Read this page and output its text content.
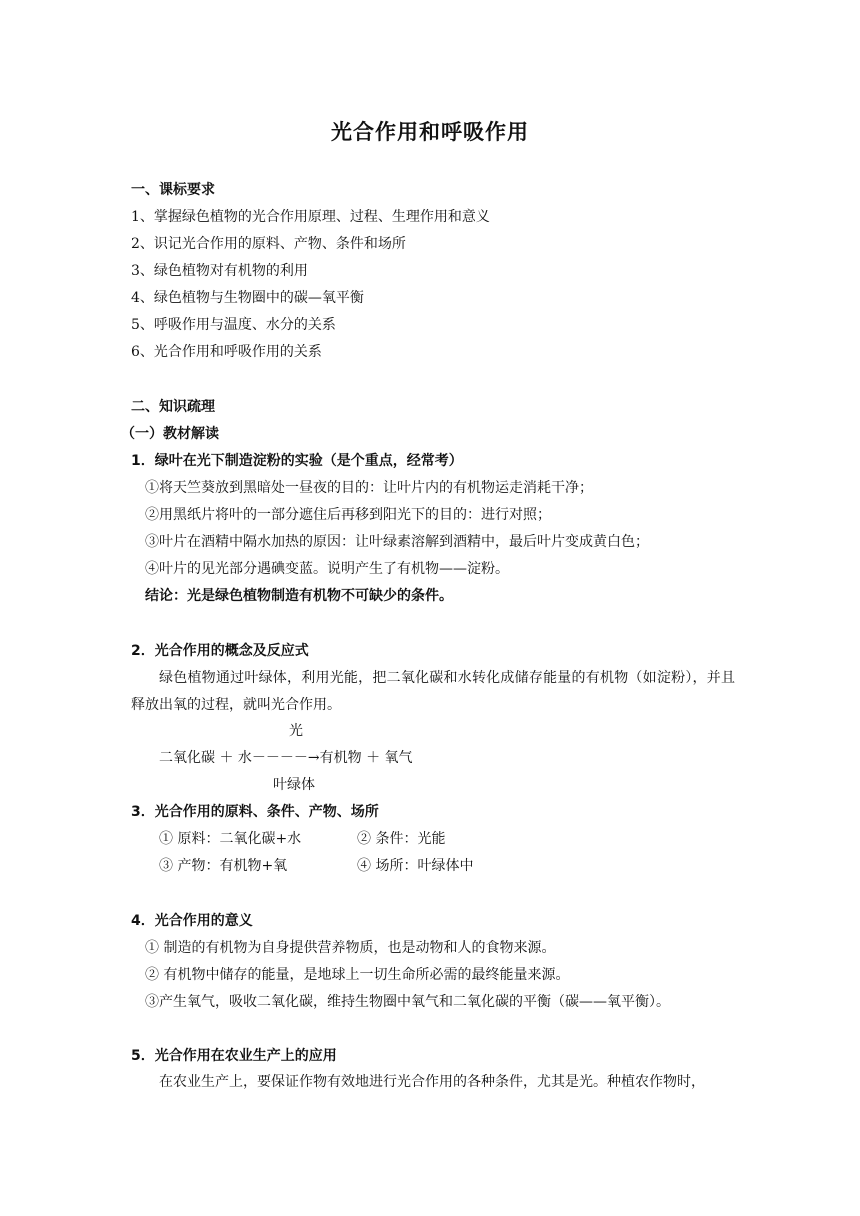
光合作用和呼吸作用
一、课标要求
1、掌握绿色植物的光合作用原理、过程、生理作用和意义
2、识记光合作用的原料、产物、条件和场所
3、绿色植物对有机物的利用
4、绿色植物与生物圈中的碳—氧平衡
5、呼吸作用与温度、水分的关系
6、光合作用和呼吸作用的关系
二、知识疏理
（一）教材解读
1．绿叶在光下制造淀粉的实验（是个重点，经常考）
①将天竺葵放到黑暗处一昼夜的目的：让叶片内的有机物运走消耗干净；
②用黑纸片将叶的一部分遮住后再移到阳光下的目的：进行对照；
③叶片在酒精中隔水加热的原因：让叶绿素溶解到酒精中，最后叶片变成黄白色；
④叶片的见光部分遇碘变蓝。说明产生了有机物——淀粉。
结论：光是绿色植物制造有机物不可缺少的条件。
2．光合作用的概念及反应式
绿色植物通过叶绿体，利用光能，把二氧化碳和水转化成储存能量的有机物（如淀粉），并且释放出氧的过程，就叫光合作用。
光
二氧化碳 ＋ 水－－－－→有机物 ＋ 氧气
叶绿体
3．光合作用的原料、条件、产物、场所
① 原料：二氧化碳+水	② 条件：光能
③ 产物：有机物+氧	④ 场所：叶绿体中
4．光合作用的意义
① 制造的有机物为自身提供营养物质，也是动物和人的食物来源。
② 有机物中储存的能量，是地球上一切生命所必需的最终能量来源。
③产生氧气，吸收二氧化碳，维持生物圈中氧气和二氧化碳的平衡（碳——氧平衡）。
5．光合作用在农业生产上的应用
在农业生产上，要保证作物有效地进行光合作用的各种条件，尤其是光。种植农作物时，
